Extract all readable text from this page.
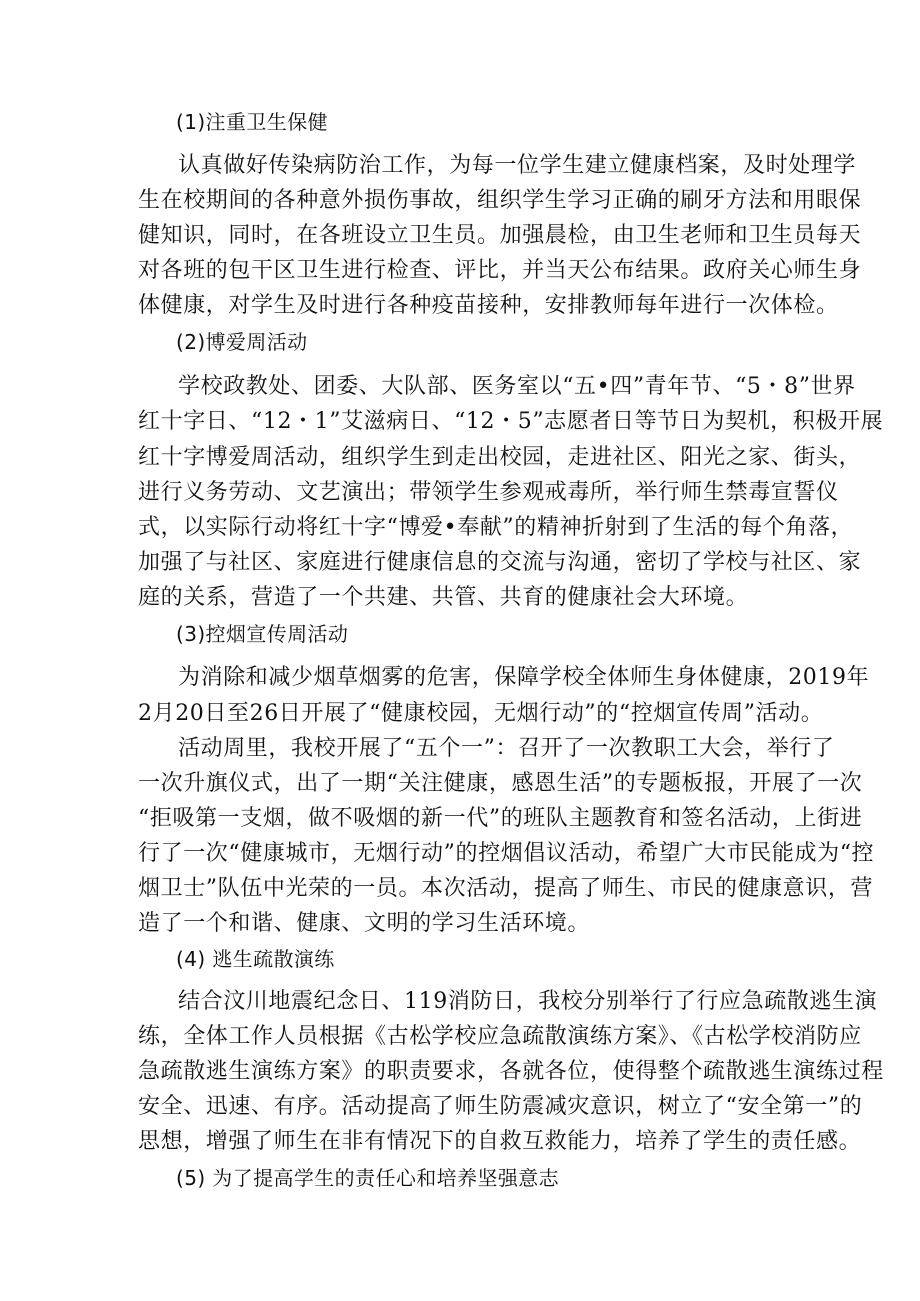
(1)注重卫生保健

认真做好传染病防治工作，为每一位学生建立健康档案，及时处理学

生在校期间的各种意外损伤事故，组织学生学习正确的刷牙方法和用眼保

健知识，同时，在各班设立卫生员。加强晨检，由卫生老师和卫生员每天

对各班的包干区卫生进行检查、评比，并当天公布结果。政府关心师生身

体健康，对学生及时进行各种疫苗接种，安排教师每年进行一次体检。

(2)博爱周活动

学校政教处、团委、大队部、医务室以“五•四”青年节、“5・8”世界

红十字日、“12・1”艾滋病日、“12・5”志愿者日等节日为契机，积极开展

红十字博爱周活动，组织学生到走出校园，走进社区、阳光之家、街头，

进行义务劳动、文艺演出；带领学生参观戒毒所，举行师生禁毒宣誓仪

式，以实际行动将红十字“博爱•奉献”的精神折射到了生活的每个角落，

加强了与社区、家庭进行健康信息的交流与沟通，密切了学校与社区、家

庭的关系，营造了一个共建、共管、共育的健康社会大环境。

(3)控烟宣传周活动

为消除和减少烟草烟雾的危害，保障学校全体师生身体健康，2019年

2月20日至26日开展了“健康校园，无烟行动”的“控烟宣传周”活动。

活动周里，我校开展了“五个一”：召开了一次教职工大会，举行了

一次升旗仪式，出了一期“关注健康，感恩生活”的专题板报，开展了一次

“拒吸第一支烟，做不吸烟的新一代”的班队主题教育和签名活动，上街进

行了一次“健康城市，无烟行动”的控烟倡议活动，希望广大市民能成为“控

烟卫士”队伍中光荣的一员。本次活动，提高了师生、市民的健康意识，营

造了一个和谐、健康、文明的学习生活环境。

(4) 逃生疏散演练

结合汶川地震纪念日、119消防日，我校分别举行了行应急疏散逃生演

练，全体工作人员根据《古松学校应急疏散演练方案》、《古松学校消防应

急疏散逃生演练方案》的职责要求，各就各位，使得整个疏散逃生演练过程

安全、迅速、有序。活动提高了师生防震减灾意识，树立了“安全第一”的

思想，增强了师生在非有情况下的自救互救能力，培养了学生的责任感。

(5) 为了提高学生的责任心和培养坚强意志
